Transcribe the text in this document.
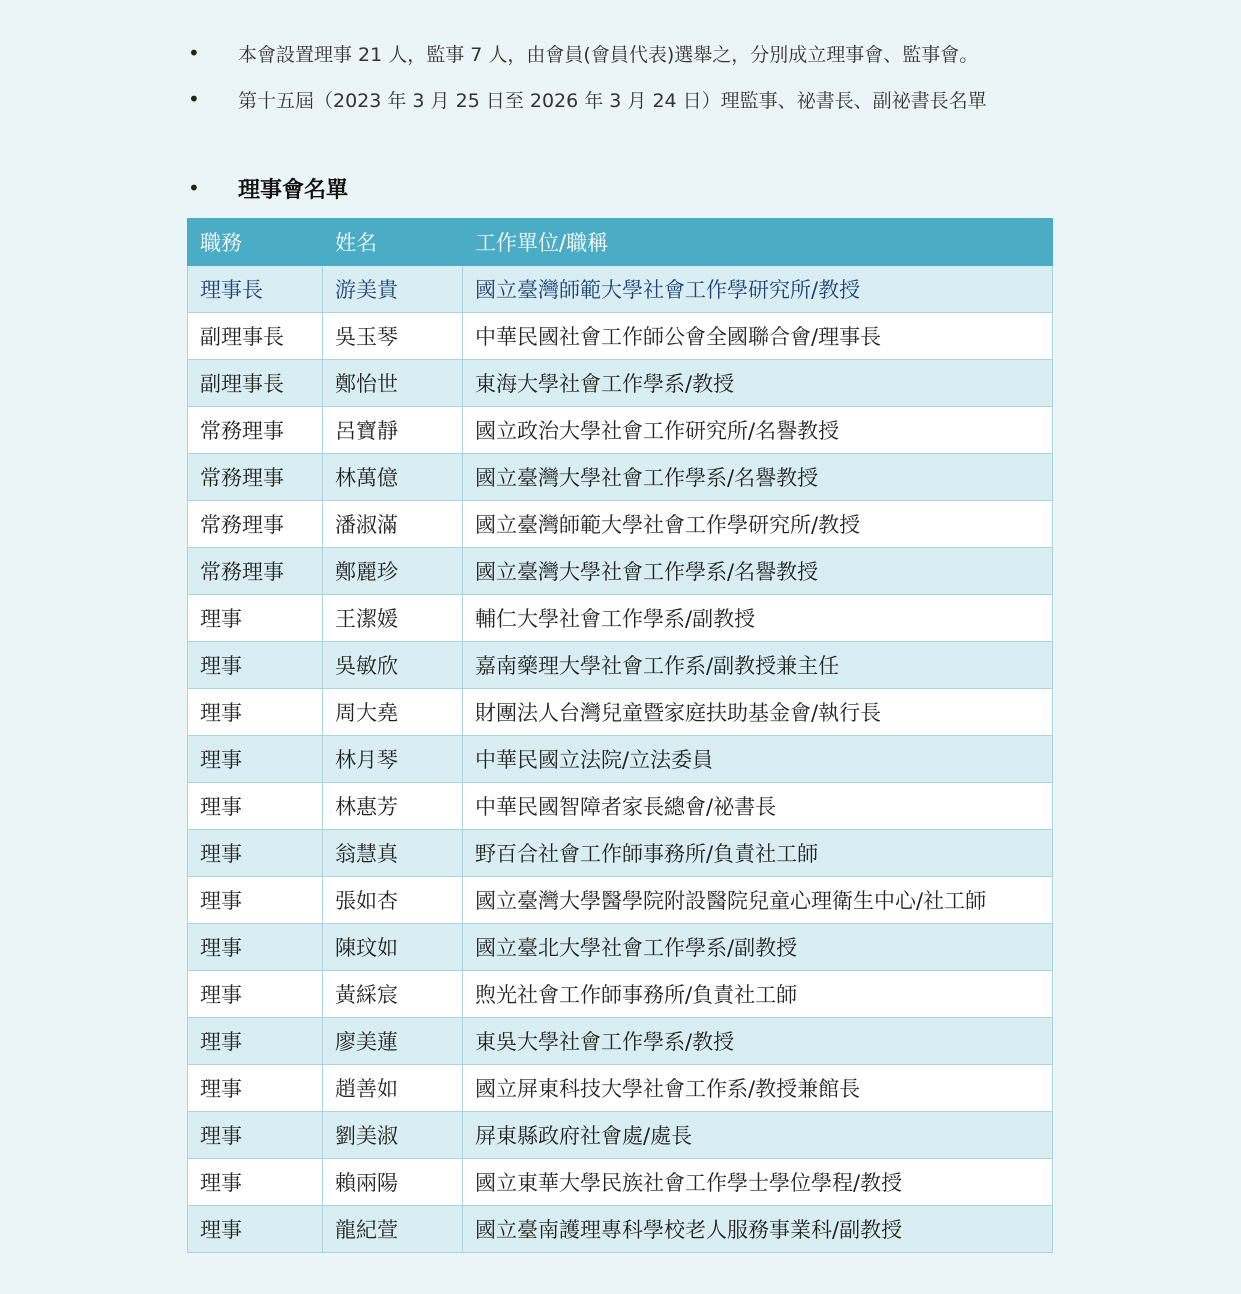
•	本會設置理事 21 人，監事 7 人，由會員(會員代表)選舉之，分別成立理事會、監事會。
•	第十五屆（2023 年 3 月 25 日至 2026 年 3 月 24 日）理監事、祕書長、副祕書長名單
•	理事會名單
職務	姓名	工作單位/職稱
理事長	游美貴	國立臺灣師範大學社會工作學研究所/教授
副理事長	吳玉琴	中華民國社會工作師公會全國聯合會/理事長
副理事長	鄭怡世	東海大學社會工作學系/教授
常務理事	呂寶靜	國立政治大學社會工作研究所/名譽教授
常務理事	林萬億	國立臺灣大學社會工作學系/名譽教授
常務理事	潘淑滿	國立臺灣師範大學社會工作學研究所/教授
常務理事	鄭麗珍	國立臺灣大學社會工作學系/名譽教授
理事	王潔媛	輔仁大學社會工作學系/副教授
理事	吳敏欣	嘉南藥理大學社會工作系/副教授兼主任
理事	周大堯	財團法人台灣兒童暨家庭扶助基金會/執行長
理事	林月琴	中華民國立法院/立法委員
理事	林惠芳	中華民國智障者家長總會/祕書長
理事	翁慧真	野百合社會工作師事務所/負責社工師
理事	張如杏	國立臺灣大學醫學院附設醫院兒童心理衛生中心/社工師
理事	陳玟如	國立臺北大學社會工作學系/副教授
理事	黃綵宸	煦光社會工作師事務所/負責社工師
理事	廖美蓮	東吳大學社會工作學系/教授
理事	趙善如	國立屏東科技大學社會工作系/教授兼館長
理事	劉美淑	屏東縣政府社會處/處長
理事	賴兩陽	國立東華大學民族社會工作學士學位學程/教授
理事	龍紀萱	國立臺南護理專科學校老人服務事業科/副教授
